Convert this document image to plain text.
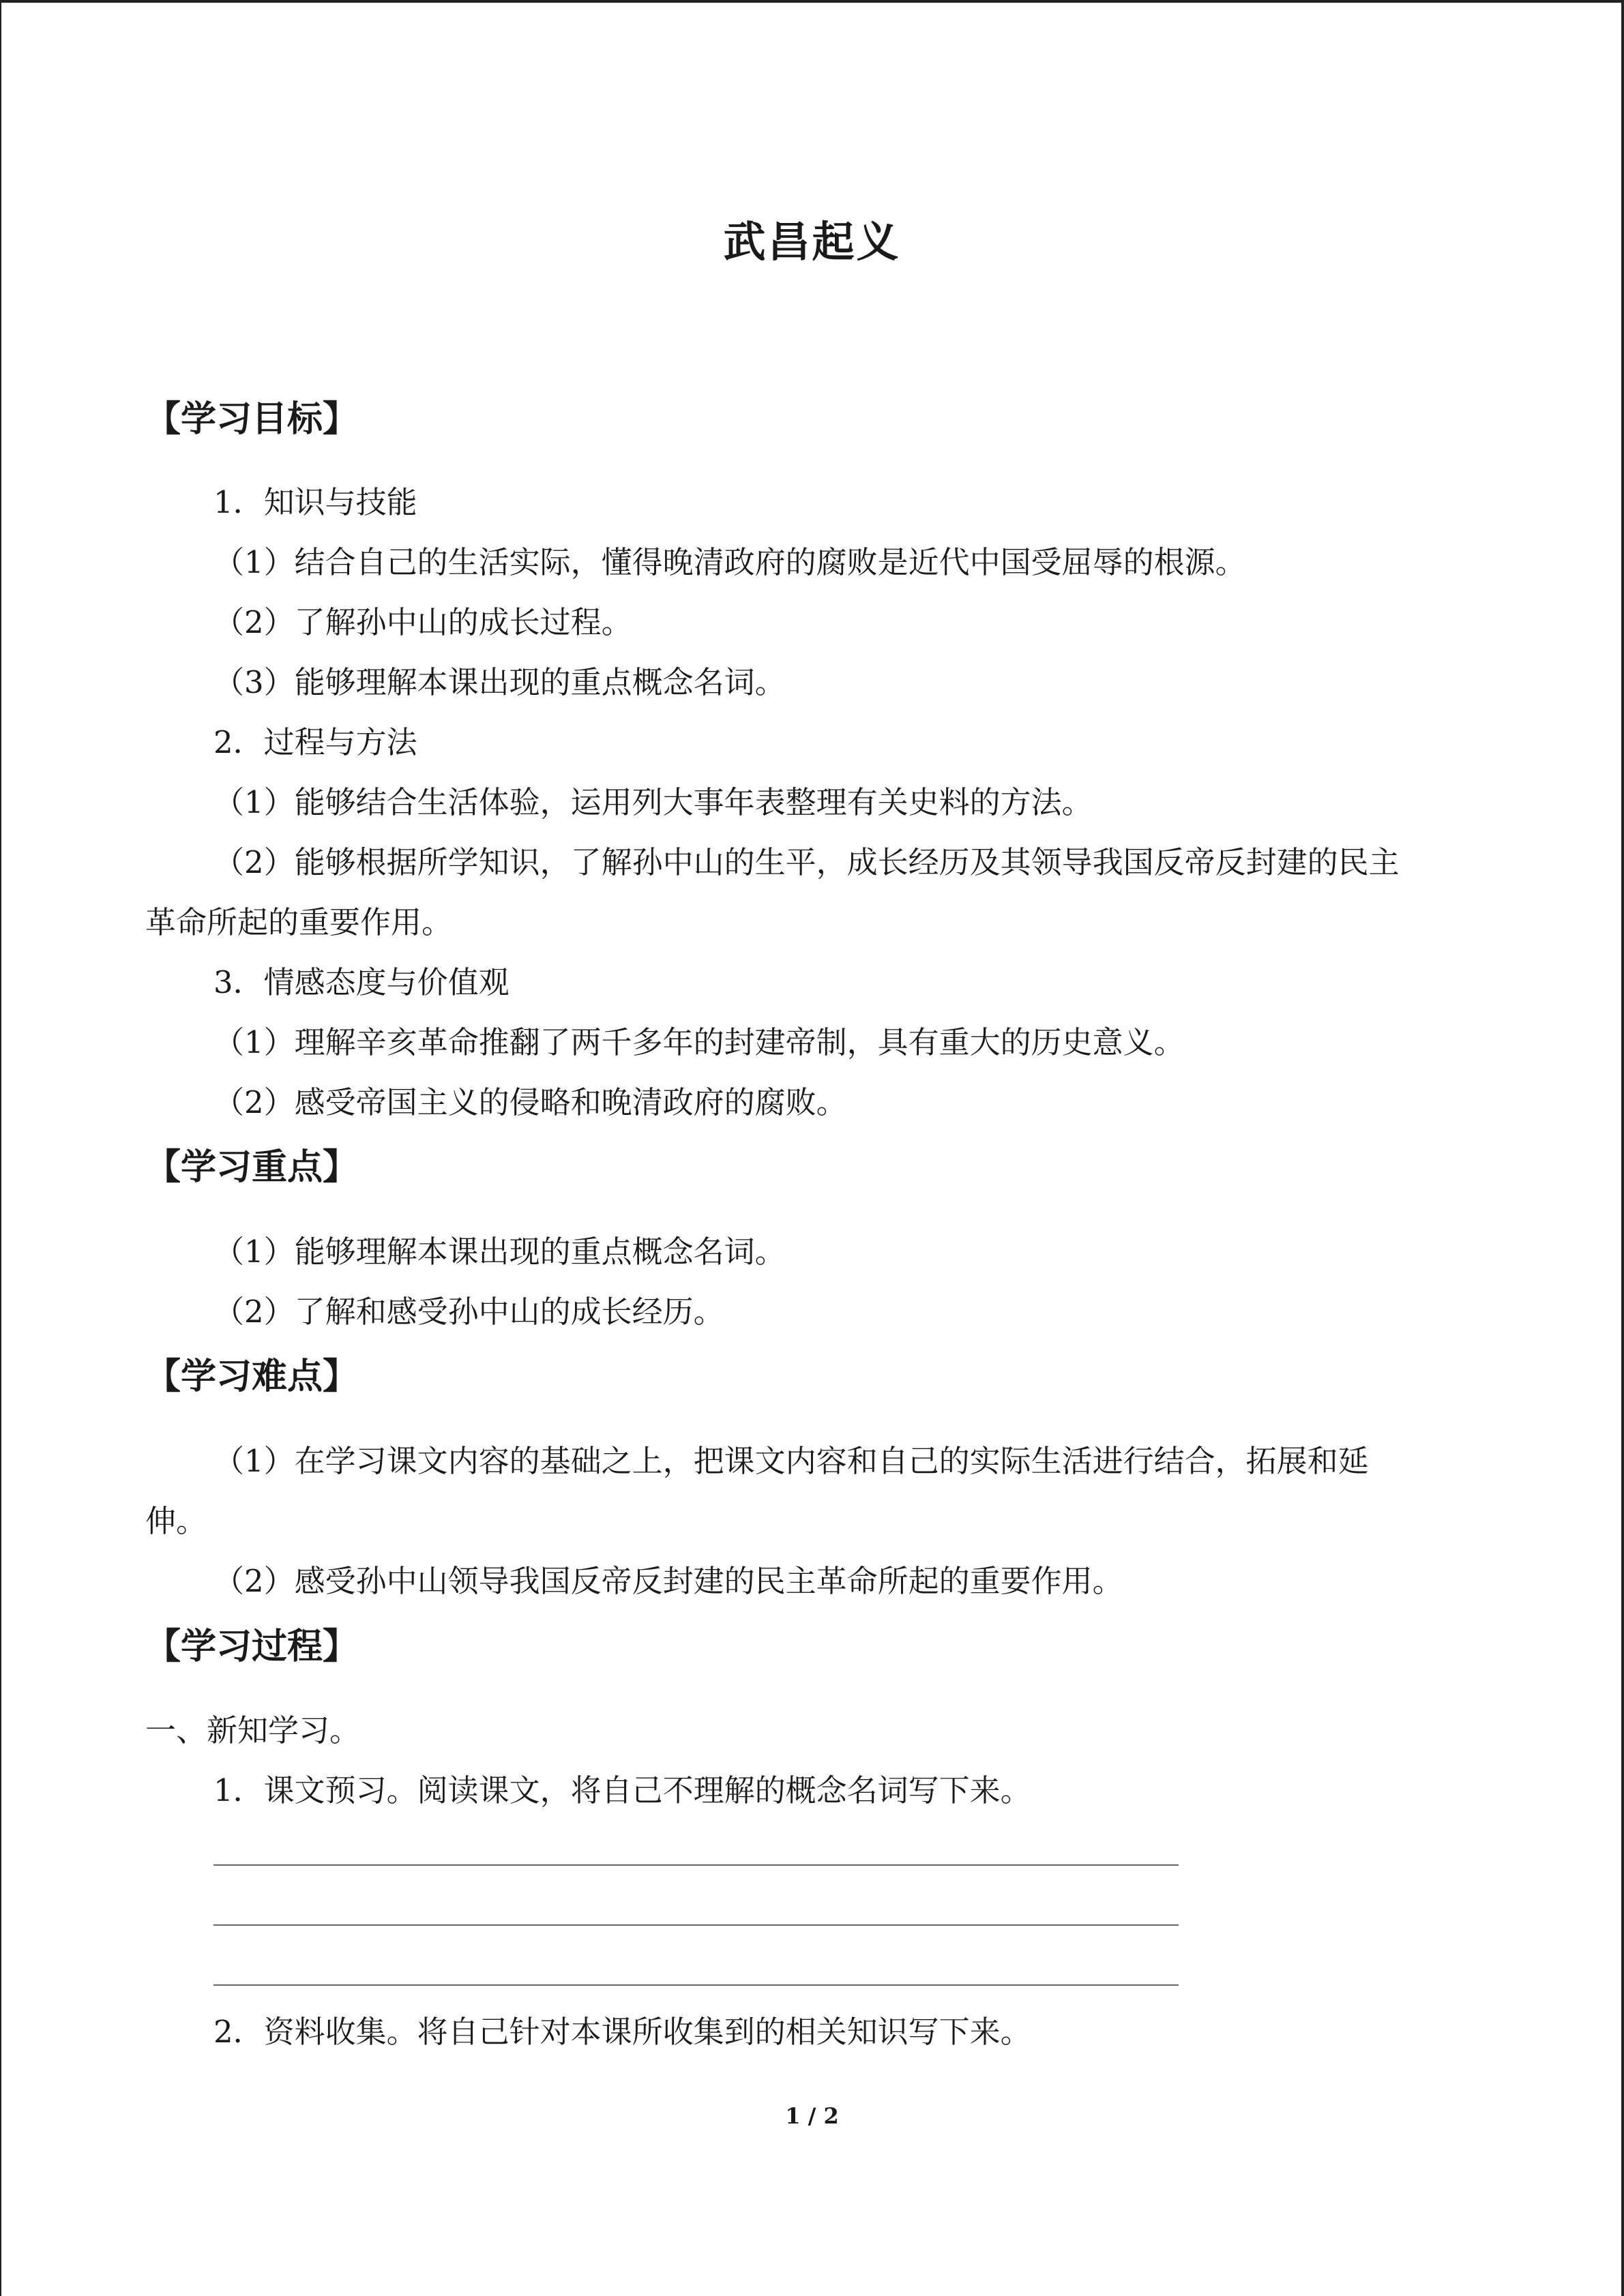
武昌起义
【学习目标】
1．知识与技能
（1）结合自己的生活实际，懂得晚清政府的腐败是近代中国受屈辱的根源。
（2）了解孙中山的成长过程。
（3）能够理解本课出现的重点概念名词。
2．过程与方法
（1）能够结合生活体验，运用列大事年表整理有关史料的方法。
（2）能够根据所学知识，了解孙中山的生平，成长经历及其领导我国反帝反封建的民主
革命所起的重要作用。
3．情感态度与价值观
（1）理解辛亥革命推翻了两千多年的封建帝制，具有重大的历史意义。
（2）感受帝国主义的侵略和晚清政府的腐败。
【学习重点】
（1）能够理解本课出现的重点概念名词。
（2）了解和感受孙中山的成长经历。
【学习难点】
（1）在学习课文内容的基础之上，把课文内容和自己的实际生活进行结合，拓展和延
伸。
（2）感受孙中山领导我国反帝反封建的民主革命所起的重要作用。
【学习过程】
一、新知学习。
1．课文预习。阅读课文，将自己不理解的概念名词写下来。
2．资料收集。将自己针对本课所收集到的相关知识写下来。
1 / 2
